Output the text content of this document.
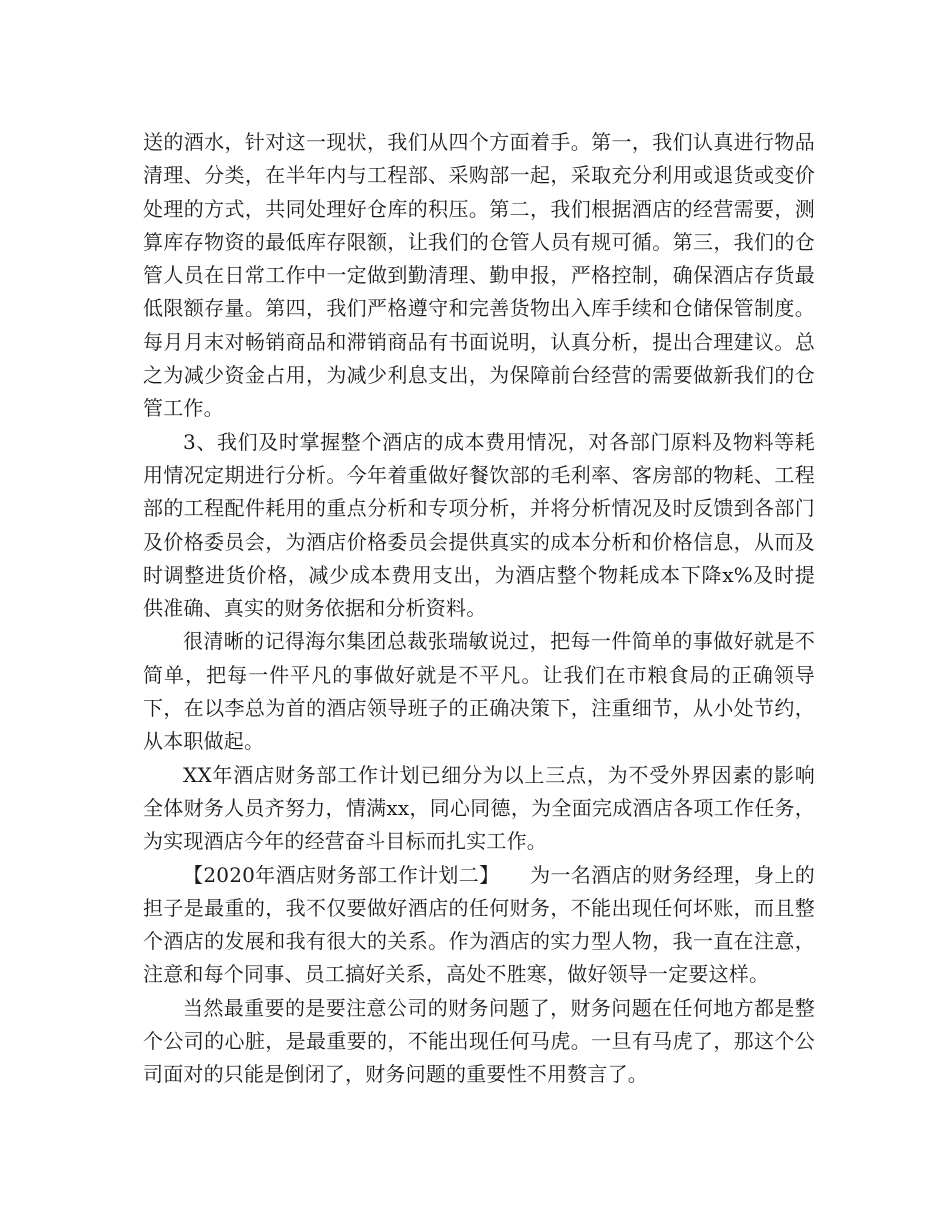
送的酒水，针对这一现状，我们从四个方面着手。第一，我们认真进行物品清理、分类，在半年内与工程部、采购部一起，采取充分利用或退货或变价处理的方式，共同处理好仓库的积压。第二，我们根据酒店的经营需要，测算库存物资的最低库存限额，让我们的仓管人员有规可循。第三，我们的仓管人员在日常工作中一定做到勤清理、勤申报，严格控制，确保酒店存货最低限额存量。第四，我们严格遵守和完善货物出入库手续和仓储保管制度。每月月末对畅销商品和滞销商品有书面说明，认真分析，提出合理建议。总之为减少资金占用，为减少利息支出，为保障前台经营的需要做新我们的仓管工作。

3、我们及时掌握整个酒店的成本费用情况，对各部门原料及物料等耗用情况定期进行分析。今年着重做好餐饮部的毛利率、客房部的物耗、工程部的工程配件耗用的重点分析和专项分析，并将分析情况及时反馈到各部门及价格委员会，为酒店价格委员会提供真实的成本分析和价格信息，从而及时调整进货价格，减少成本费用支出，为酒店整个物耗成本下降x%及时提供准确、真实的财务依据和分析资料。

很清晰的记得海尔集团总裁张瑞敏说过，把每一件简单的事做好就是不简单，把每一件平凡的事做好就是不平凡。让我们在市粮食局的正确领导下，在以李总为首的酒店领导班子的正确决策下，注重细节，从小处节约，从本职做起。

XX年酒店财务部工作计划已细分为以上三点，为不受外界因素的影响全体财务人员齐努力，情满xx，同心同德，为全面完成酒店各项工作任务，为实现酒店今年的经营奋斗目标而扎实工作。

【2020年酒店财务部工作计划二】　　为一名酒店的财务经理，身上的担子是最重的，我不仅要做好酒店的任何财务，不能出现任何坏账，而且整个酒店的发展和我有很大的关系。作为酒店的实力型人物，我一直在注意，注意和每个同事、员工搞好关系，高处不胜寒，做好领导一定要这样。

当然最重要的是要注意公司的财务问题了，财务问题在任何地方都是整个公司的心脏，是最重要的，不能出现任何马虎。一旦有马虎了，那这个公司面对的只能是倒闭了，财务问题的重要性不用赘言了。
